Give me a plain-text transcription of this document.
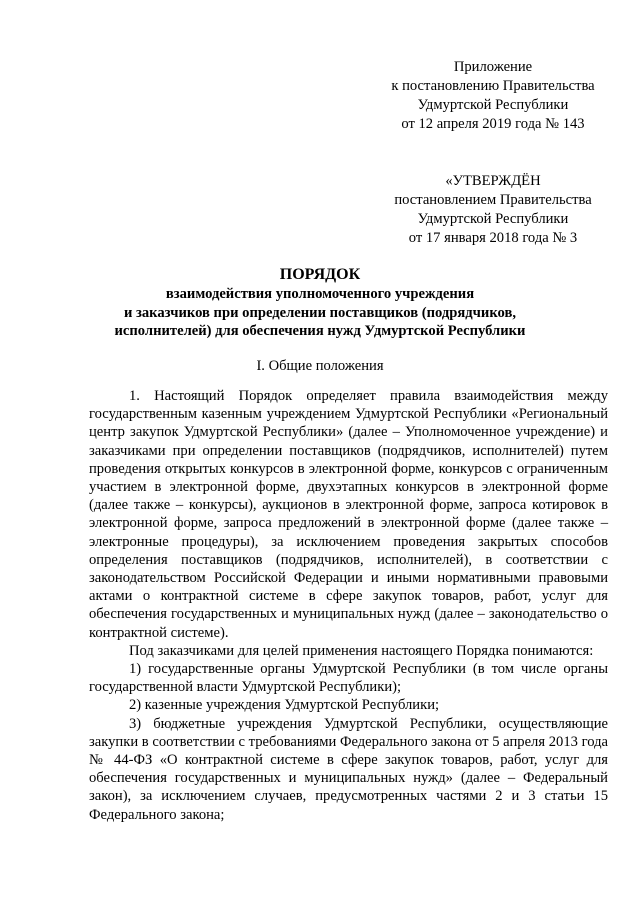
Приложение
к постановлению Правительства
Удмуртской Республики
от 12 апреля 2019 года № 143
«УТВЕРЖДЁН
постановлением Правительства
Удмуртской Республики
от 17 января 2018 года № 3
ПОРЯДОК
взаимодействия уполномоченного учреждения
и заказчиков при определении поставщиков (подрядчиков,
исполнителей) для обеспечения нужд Удмуртской Республики
I. Общие положения

1. Настоящий Порядок определяет правила взаимодействия между государственным казенным учреждением Удмуртской Республики «Региональный центр закупок Удмуртской Республики» (далее – Уполномоченное учреждение) и заказчиками при определении поставщиков (подрядчиков, исполнителей) путем проведения открытых конкурсов в электронной форме, конкурсов с ограниченным участием в электронной форме, двухэтапных конкурсов в электронной форме (далее также – конкурсы), аукционов в электронной форме, запроса котировок в электронной форме, запроса предложений в электронной форме (далее также – электронные процедуры), за исключением проведения закрытых способов определения поставщиков (подрядчиков, исполнителей), в соответствии с законодательством Российской Федерации и иными нормативными правовыми актами о контрактной системе в сфере закупок товаров, работ, услуг для обеспечения государственных и муниципальных нужд (далее – законодательство о контрактной системе).

Под заказчиками для целей применения настоящего Порядка понимаются:

1) государственные органы Удмуртской Республики (в том числе органы государственной власти Удмуртской Республики);

2) казенные учреждения Удмуртской Республики;

3) бюджетные учреждения Удмуртской Республики, осуществляющие закупки в соответствии с требованиями Федерального закона от 5 апреля 2013 года № 44-ФЗ «О контрактной системе в сфере закупок товаров, работ, услуг для обеспечения государственных и муниципальных нужд» (далее – Федеральный закон), за исключением случаев, предусмотренных частями 2 и 3 статьи 15 Федерального закона;
